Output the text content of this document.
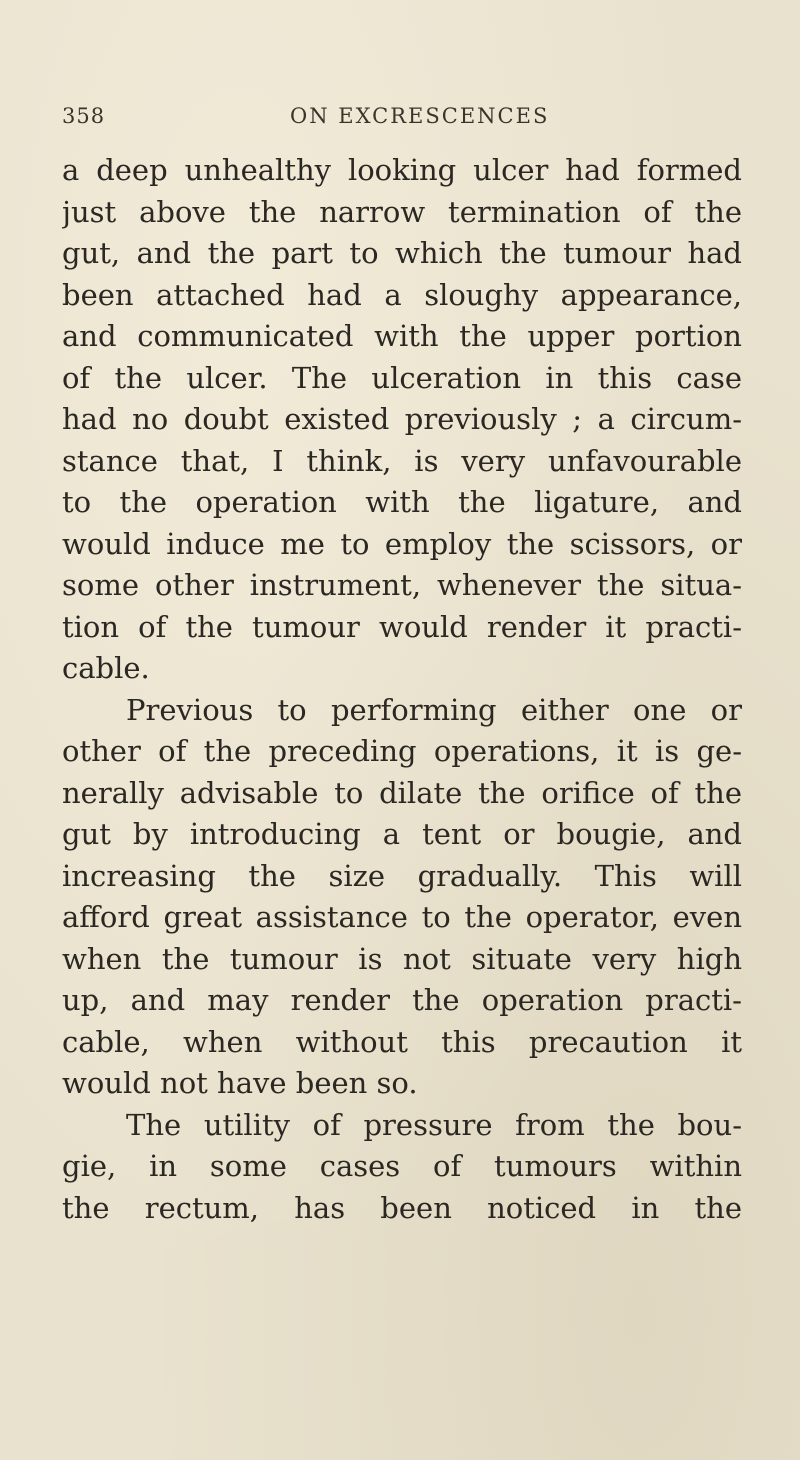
358	ON EXCRESCENCES
a deep unhealthy looking ulcer had formed
just above the narrow termination of the
gut, and the part to which the tumour had
been attached had a sloughy appearance,
and communicated with the upper portion
of the ulcer. The ulceration in this case
had no doubt existed previously ; a circum-
stance that, I think, is very unfavourable
to the operation with the ligature, and
would induce me to employ the scissors, or
some other instrument, whenever the situa-
tion of the tumour would render it practi-
cable.
Previous to performing either one or
other of the preceding operations, it is ge-
nerally advisable to dilate the orifice of the
gut by introducing a tent or bougie, and
increasing the size gradually. This will
afford great assistance to the operator, even
when the tumour is not situate very high
up, and may render the operation practi-
cable, when without this precaution it
would not have been so.
The utility of pressure from the bou-
gie, in some cases of tumours within
the rectum, has been noticed in the
